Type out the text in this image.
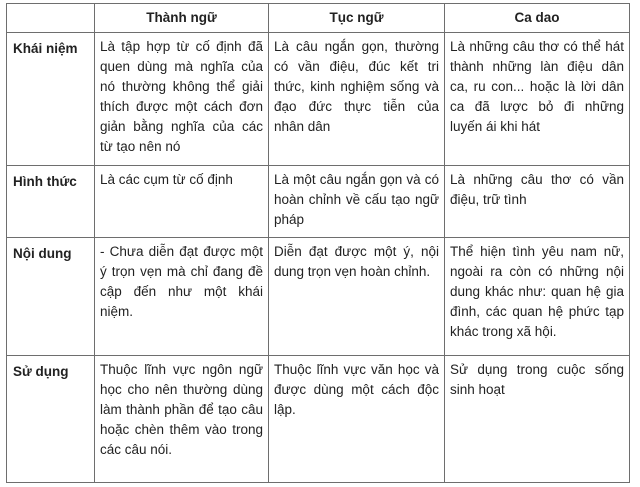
	Thành ngữ	Tục ngữ	Ca dao
Khái niệm	Là tập hợp từ cố định đã quen dùng mà nghĩa của nó thường không thể giải thích được một cách đơn giản bằng nghĩa của các từ tạo nên nó	Là câu ngắn gọn, thường có vần điệu, đúc kết tri thức, kinh nghiệm sống và đạo đức thực tiễn của nhân dân	Là những câu thơ có thể hát thành những làn điệu dân ca, ru con... hoặc là lời dân ca đã lược bỏ đi những luyến ái khi hát
Hình thức	Là các cụm từ cố định	Là một câu ngắn gọn và có hoàn chỉnh về cấu tạo ngữ pháp	Là những câu thơ có vần điệu, trữ tình
Nội dung	- Chưa diễn đạt được một ý trọn vẹn mà chỉ đang đề cập đến như một khái niệm.	Diễn đạt được một ý, nội dung trọn vẹn hoàn chỉnh.	Thể hiện tình yêu nam nữ, ngoài ra còn có những nội dung khác như: quan hệ gia đình, các quan hệ phức tạp khác trong xã hội.
Sử dụng	Thuộc lĩnh vực ngôn ngữ học cho nên thường dùng làm thành phần để tạo câu hoặc chèn thêm vào trong các câu nói.	Thuộc lĩnh vực văn học và được dùng một cách độc lập.	Sử dụng trong cuộc sống sinh hoạt
